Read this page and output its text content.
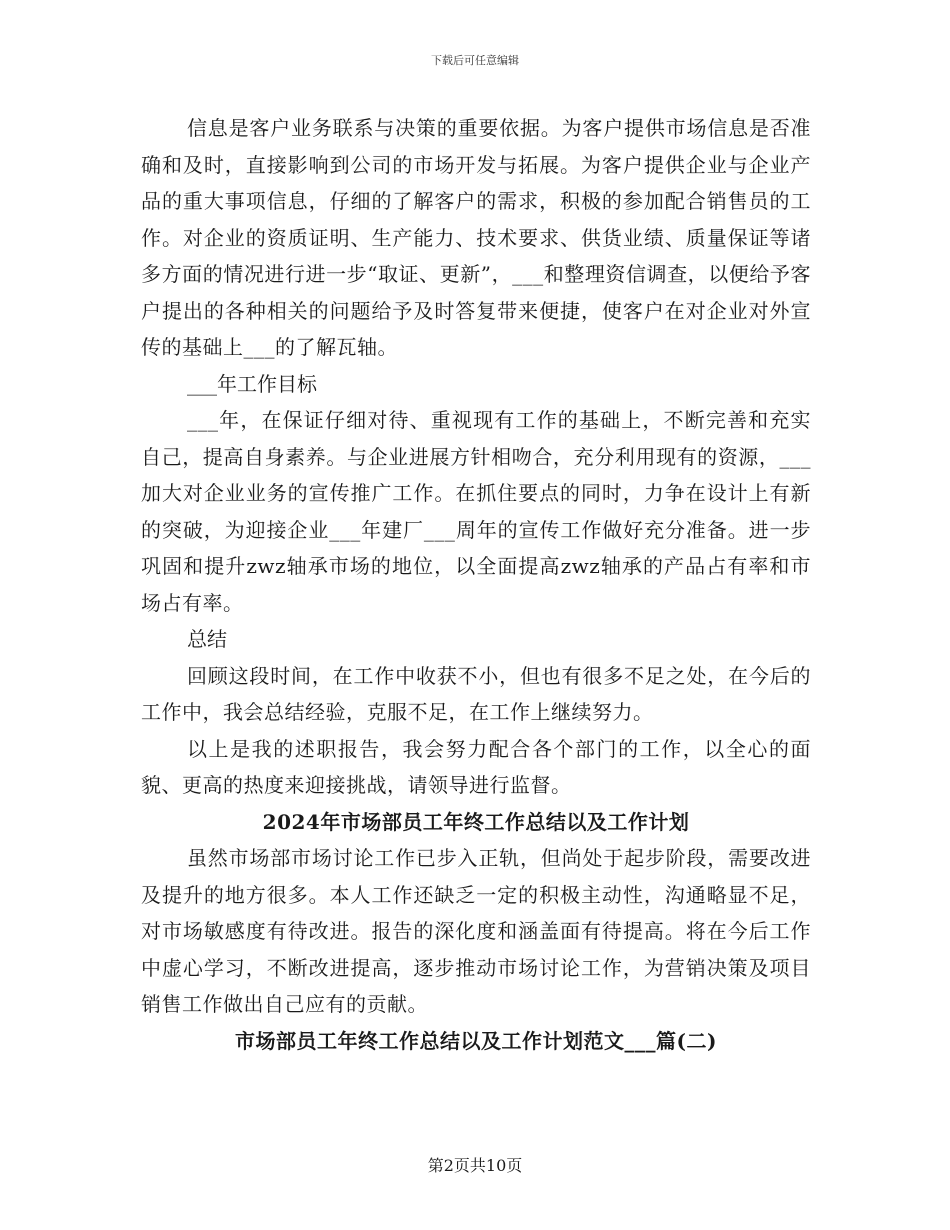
下载后可任意编辑

信息是客户业务联系与决策的重要依据。为客户提供市场信息是否准确和及时，直接影响到公司的市场开发与拓展。为客户提供企业与企业产品的重大事项信息，仔细的了解客户的需求，积极的参加配合销售员的工作。对企业的资质证明、生产能力、技术要求、供货业绩、质量保证等诸多方面的情况进行进一步“取证、更新”，___和整理资信调查，以便给予客户提出的各种相关的问题给予及时答复带来便捷，使客户在对企业对外宣传的基础上___的了解瓦轴。

___年工作目标

___年，在保证仔细对待、重视现有工作的基础上，不断完善和充实自己，提高自身素养。与企业进展方针相吻合，充分利用现有的资源，___加大对企业业务的宣传推广工作。在抓住要点的同时，力争在设计上有新的突破，为迎接企业___年建厂___周年的宣传工作做好充分准备。进一步巩固和提升zwz轴承市场的地位，以全面提高zwz轴承的产品占有率和市场占有率。

总结

回顾这段时间，在工作中收获不小，但也有很多不足之处，在今后的工作中，我会总结经验，克服不足，在工作上继续努力。

以上是我的述职报告，我会努力配合各个部门的工作，以全心的面貌、更高的热度来迎接挑战，请领导进行监督。

2024年市场部员工年终工作总结以及工作计划

虽然市场部市场讨论工作已步入正轨，但尚处于起步阶段，需要改进及提升的地方很多。本人工作还缺乏一定的积极主动性，沟通略显不足，对市场敏感度有待改进。报告的深化度和涵盖面有待提高。将在今后工作中虚心学习，不断改进提高，逐步推动市场讨论工作，为营销决策及项目销售工作做出自己应有的贡献。

市场部员工年终工作总结以及工作计划范文___篇(二)

第2页共10页
